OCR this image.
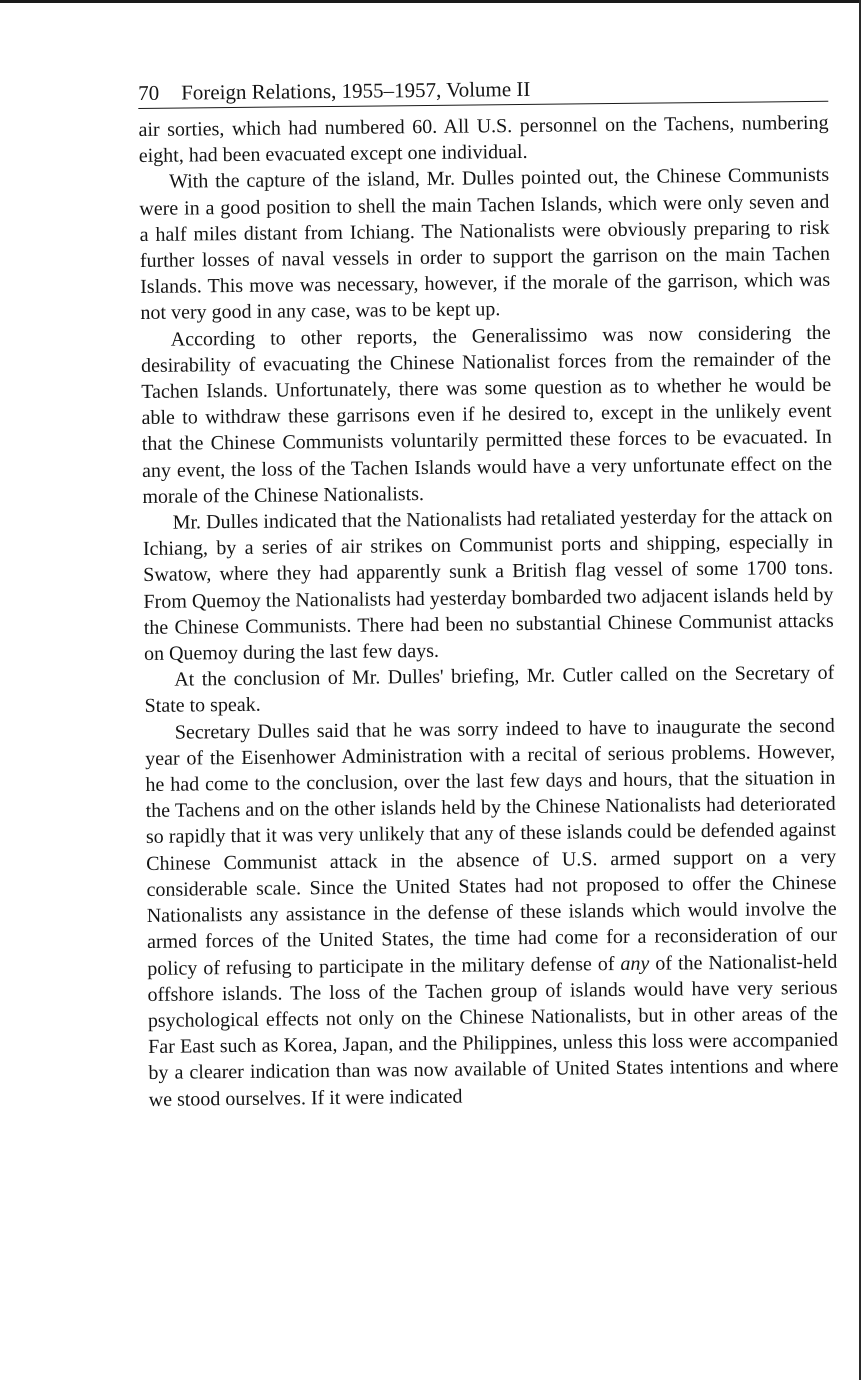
70 Foreign Relations, 1955–1957, Volume II

air sorties, which had numbered 60. All U.S. personnel on the Tachens, numbering eight, had been evacuated except one individual.

With the capture of the island, Mr. Dulles pointed out, the Chinese Communists were in a good position to shell the main Tachen Islands, which were only seven and a half miles distant from Ichiang. The Nationalists were obviously preparing to risk further losses of naval vessels in order to support the garrison on the main Tachen Islands. This move was necessary, however, if the morale of the garrison, which was not very good in any case, was to be kept up.

According to other reports, the Generalissimo was now considering the desirability of evacuating the Chinese Nationalist forces from the remainder of the Tachen Islands. Unfortunately, there was some question as to whether he would be able to withdraw these garrisons even if he desired to, except in the unlikely event that the Chinese Communists voluntarily permitted these forces to be evacuated. In any event, the loss of the Tachen Islands would have a very unfortunate effect on the morale of the Chinese Nationalists.

Mr. Dulles indicated that the Nationalists had retaliated yesterday for the attack on Ichiang, by a series of air strikes on Communist ports and shipping, especially in Swatow, where they had apparently sunk a British flag vessel of some 1700 tons. From Quemoy the Nationalists had yesterday bombarded two adjacent islands held by the Chinese Communists. There had been no substantial Chinese Communist attacks on Quemoy during the last few days.

At the conclusion of Mr. Dulles' briefing, Mr. Cutler called on the Secretary of State to speak.

Secretary Dulles said that he was sorry indeed to have to inaugurate the second year of the Eisenhower Administration with a recital of serious problems. However, he had come to the conclusion, over the last few days and hours, that the situation in the Tachens and on the other islands held by the Chinese Nationalists had deteriorated so rapidly that it was very unlikely that any of these islands could be defended against Chinese Communist attack in the absence of U.S. armed support on a very considerable scale. Since the United States had not proposed to offer the Chinese Nationalists any assistance in the defense of these islands which would involve the armed forces of the United States, the time had come for a reconsideration of our policy of refusing to participate in the military defense of any of the Nationalist-held offshore islands. The loss of the Tachen group of islands would have very serious psychological effects not only on the Chinese Nationalists, but in other areas of the Far East such as Korea, Japan, and the Philippines, unless this loss were accompanied by a clearer indication than was now available of United States intentions and where we stood ourselves. If it were indicated
